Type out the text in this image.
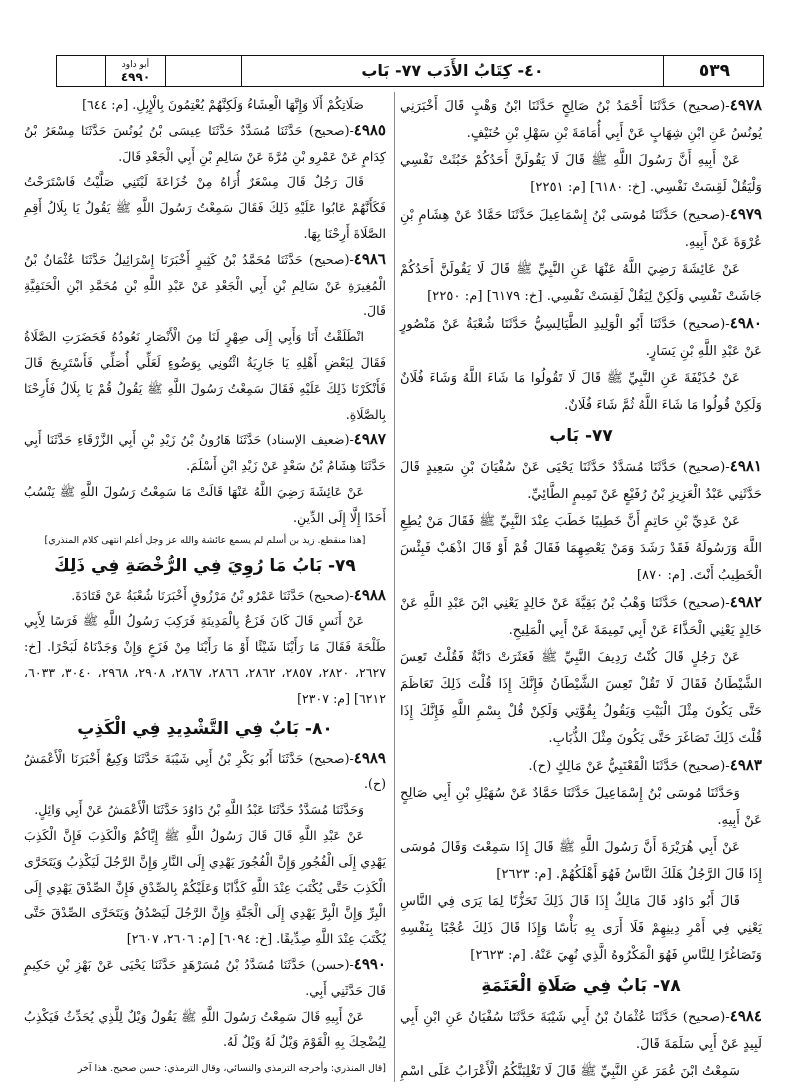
أبو داود
٤٩٩٠	٤٠- كِتَابُ الأَدَب ٧٧- بَاب	٥٣٩

٤٩٧٨-(صحيح) حَدَّثَنَا أَحْمَدُ بْنُ صَالِحٍ حَدَّثَنَا ابْنُ وَهْبٍ قَالَ أَخْبَرَنِي يُونُسُ عَنِ ابْنِ شِهَابٍ عَنْ أَبِي أُمَامَةَ بْنِ سَهْلِ بْنِ حُنَيْفٍ.

عَنْ أَبِيهِ أَنَّ رَسُولَ اللَّهِ ﷺ قَالَ لَا يَقُولَنَّ أَحَدُكُمْ خَبُثَتْ نَفْسِي وَلْيَقُلْ لَقِسَتْ نَفْسِي. [خ: ٦١٨٠] [م: ٢٢٥١]

٤٩٧٩-(صحيح) حَدَّثَنَا مُوسَى بْنُ إِسْمَاعِيلَ حَدَّثَنَا حَمَّادٌ عَنْ هِشَامِ بْنِ عُرْوَةَ عَنْ أَبِيهِ.

عَنْ عَائِشَةَ رَضِيَ اللَّهُ عَنْهَا عَنِ النَّبِيِّ ﷺ قَالَ لَا يَقُولَنَّ أَحَدُكُمْ جَاشَتْ نَفْسِي وَلَكِنْ لِيَقُلْ لَقِسَتْ نَفْسِي. [خ: ٦١٧٩] [م: ٢٢٥٠]

٤٩٨٠-(صحيح) حَدَّثَنَا أَبُو الْوَلِيدِ الطَّيَالِسِيُّ حَدَّثَنَا شُعْبَةُ عَنْ مَنْصُورٍ عَنْ عَبْدِ اللَّهِ بْنِ يَسَارٍ.

عَنْ حُذَيْفَةَ عَنِ النَّبِيِّ ﷺ قَالَ لَا تَقُولُوا مَا شَاءَ اللَّهُ وَشَاءَ فُلَانٌ وَلَكِنْ قُولُوا مَا شَاءَ اللَّهُ ثُمَّ شَاءَ فُلَانٌ.

٧٧- بَاب

٤٩٨١-(صحيح) حَدَّثَنَا مُسَدَّدٌ حَدَّثَنَا يَحْيَى عَنْ سُفْيَانَ بْنِ سَعِيدٍ قَالَ حَدَّثَنِي عَبْدُ الْعَزِيزِ بْنُ رُفَيْعٍ عَنْ تَمِيمٍ الطَّائِيِّ.

عَنْ عَدِيِّ بْنِ حَاتِمٍ أَنَّ خَطِيبًا خَطَبَ عِنْدَ النَّبِيِّ ﷺ فَقَالَ مَنْ يُطِعِ اللَّهَ وَرَسُولَهُ فَقَدْ رَشَدَ وَمَنْ يَعْصِهِمَا فَقَالَ قُمْ أَوْ قَالَ اذْهَبْ فَبِئْسَ الْخَطِيبُ أَنْتَ. [م: ٨٧٠]

٤٩٨٢-(صحيح) حَدَّثَنَا وَهْبُ بْنُ بَقِيَّةَ عَنْ خَالِدٍ يَعْنِي ابْنَ عَبْدِ اللَّهِ عَنْ خَالِدٍ يَعْنِي الْحَذَّاءَ عَنْ أَبِي تَمِيمَةَ عَنْ أَبِي الْمَلِيحِ.

عَنْ رَجُلٍ قَالَ كُنْتُ رَدِيفَ النَّبِيِّ ﷺ فَعَثَرَتْ دَابَّةٌ فَقُلْتُ تَعِسَ الشَّيْطَانُ فَقَالَ لَا تَقُلْ تَعِسَ الشَّيْطَانُ فَإِنَّكَ إِذَا قُلْتَ ذَلِكَ تَعَاظَمَ حَتَّى يَكُونَ مِثْلَ الْبَيْتِ وَيَقُولُ بِقُوَّتِي وَلَكِنْ قُلْ بِسْمِ اللَّهِ فَإِنَّكَ إِذَا قُلْتَ ذَلِكَ تَصَاغَرَ حَتَّى يَكُونَ مِثْلَ الذُّبَابِ.

٤٩٨٣-(صحيح) حَدَّثَنَا الْقَعْنَبِيُّ عَنْ مَالِكٍ (ح).

وَحَدَّثَنَا مُوسَى بْنُ إِسْمَاعِيلَ حَدَّثَنَا حَمَّادٌ عَنْ سُهَيْلِ بْنِ أَبِي صَالِحٍ عَنْ أَبِيهِ.

عَنْ أَبِي هُرَيْرَةَ أَنَّ رَسُولَ اللَّهِ ﷺ قَالَ إِذَا سَمِعْتَ وَقَالَ مُوسَى إِذَا قَالَ الرَّجُلُ هَلَكَ النَّاسُ فَهُوَ أَهْلَكُهُمْ. [م: ٢٦٢٣]

قَالَ أَبُو دَاوُد قَالَ مَالِكٌ إِذَا قَالَ ذَلِكَ تَحَزُّنًا لِمَا يَرَى فِي النَّاسِ يَعْنِي فِي أَمْرِ دِينِهِمْ فَلَا أَرَى بِهِ بَأْسًا وَإِذَا قَالَ ذَلِكَ عُجْبًا بِنَفْسِهِ وَتَصَاغُرًا لِلنَّاسِ فَهُوَ الْمَكْرُوهُ الَّذِي نُهِيَ عَنْهُ. [م: ٢٦٢٣]

٧٨- بَابٌ فِي صَلَاةِ الْعَتَمَةِ

٤٩٨٤-(صحيح) حَدَّثَنَا عُثْمَانُ بْنُ أَبِي شَيْبَةَ حَدَّثَنَا سُفْيَانُ عَنِ ابْنِ أَبِي لَبِيدٍ عَنْ أَبِي سَلَمَةَ قَالَ.

سَمِعْتُ ابْنَ عُمَرَ عَنِ النَّبِيِّ ﷺ قَالَ لَا تَغْلِبَنَّكُمُ الْأَعْرَابُ عَلَى اسْمِ

صَلَاتِكُمْ أَلَا وَإِنَّهَا الْعِشَاءُ وَلَكِنَّهُمْ يُعْتِمُونَ بِالْإِبِلِ. [م: ٦٤٤]

٤٩٨٥-(صحيح) حَدَّثَنَا مُسَدَّدٌ حَدَّثَنَا عِيسَى بْنُ يُونُسَ حَدَّثَنَا مِسْعَرُ بْنُ كِدَامٍ عَنْ عَمْرِو بْنِ مُرَّةَ عَنْ سَالِمِ بْنِ أَبِي الْجَعْدِ قَالَ.

قَالَ رَجُلٌ قَالَ مِسْعَرٌ أُرَاهُ مِنْ خُزَاعَةَ لَيْتَنِي صَلَّيْتُ فَاسْتَرَحْتُ فَكَأَنَّهُمْ عَابُوا عَلَيْهِ ذَلِكَ فَقَالَ سَمِعْتُ رَسُولَ اللَّهِ ﷺ يَقُولُ يَا بِلَالُ أَقِمِ الصَّلَاةَ أَرِحْنَا بِهَا.

٤٩٨٦-(صحيح) حَدَّثَنَا مُحَمَّدُ بْنُ كَثِيرٍ أَخْبَرَنَا إِسْرَائِيلُ حَدَّثَنَا عُثْمَانُ بْنُ الْمُغِيرَةِ عَنْ سَالِمِ بْنِ أَبِي الْجَعْدِ عَنْ عَبْدِ اللَّهِ بْنِ مُحَمَّدِ ابْنِ الْحَنَفِيَّةِ قَالَ.

انْطَلَقْتُ أَنَا وَأَبِي إِلَى صِهْرٍ لَنَا مِنَ الْأَنْصَارِ نَعُودُهُ فَحَضَرَتِ الصَّلَاةُ فَقَالَ لِبَعْضِ أَهْلِهِ يَا جَارِيَةُ ائْتُونِي بِوَضُوءٍ لَعَلِّي أُصَلِّي فَأَسْتَرِيحَ قَالَ فَأَنْكَرْنَا ذَلِكَ عَلَيْهِ فَقَالَ سَمِعْتُ رَسُولَ اللَّهِ ﷺ يَقُولُ قُمْ يَا بِلَالُ فَأَرِحْنَا بِالصَّلَاةِ.

٤٩٨٧-(ضعيف الإسناد) حَدَّثَنَا هَارُونُ بْنُ زَيْدِ بْنِ أَبِي الزَّرْقَاءِ حَدَّثَنَا أَبِي حَدَّثَنَا هِشَامُ بْنُ سَعْدٍ عَنْ زَيْدِ ابْنِ أَسْلَمَ.

عَنْ عَائِشَةَ رَضِيَ اللَّهُ عَنْهَا قَالَتْ مَا سَمِعْتُ رَسُولَ اللَّهِ ﷺ يَنْسُبُ أَحَدًا إِلَّا إِلَى الدِّينِ.

[هذا منقطع. زيد بن أسلم لم يسمع عائشة والله عز وجل أعلم انتهى كلام المنذري]
٧٩- بَابُ مَا رُوِيَ فِي الرُّخْصَةِ فِي ذَلِكَ

٤٩٨٨-(صحيح) حَدَّثَنَا عَمْرُو بْنُ مَرْزُوقٍ أَخْبَرَنَا شُعْبَةُ عَنْ قَتَادَةَ.

عَنْ أَنَسٍ قَالَ كَانَ فَزَعٌ بِالْمَدِينَةِ فَرَكِبَ رَسُولُ اللَّهِ ﷺ فَرَسًا لِأَبِي طَلْحَةَ فَقَالَ مَا رَأَيْنَا شَيْئًا أَوْ مَا رَأَيْنَا مِنْ فَزَعٍ وَإِنْ وَجَدْنَاهُ لَبَحْرًا. [خ: ٢٦٢٧، ٢٨٢٠، ٢٨٥٧، ٢٨٦٢، ٢٨٦٦، ٢٨٦٧، ٢٩٠٨، ٢٩٦٨، ٣٠٤٠، ٦٠٣٣، ٦٢١٢] [م: ٢٣٠٧]

٨٠- بَابٌ فِي التَّشْدِيدِ فِي الْكَذِبِ

٤٩٨٩-(صحيح) حَدَّثَنَا أَبُو بَكْرِ بْنُ أَبِي شَيْبَةَ حَدَّثَنَا وَكِيعٌ أَخْبَرَنَا الْأَعْمَشُ (ح).

وَحَدَّثَنَا مُسَدَّدٌ حَدَّثَنَا عَبْدُ اللَّهِ بْنُ دَاوُدَ حَدَّثَنَا الْأَعْمَشُ عَنْ أَبِي وَائِلٍ.

عَنْ عَبْدِ اللَّهِ قَالَ قَالَ رَسُولُ اللَّهِ ﷺ إِيَّاكُمْ وَالْكَذِبَ فَإِنَّ الْكَذِبَ يَهْدِي إِلَى الْفُجُورِ وَإِنَّ الْفُجُورَ يَهْدِي إِلَى النَّارِ وَإِنَّ الرَّجُلَ لَيَكْذِبُ وَيَتَحَرَّى الْكَذِبَ حَتَّى يُكْتَبَ عِنْدَ اللَّهِ كَذَّابًا وَعَلَيْكُمْ بِالصِّدْقِ فَإِنَّ الصِّدْقَ يَهْدِي إِلَى الْبِرِّ وَإِنَّ الْبِرَّ يَهْدِي إِلَى الْجَنَّةِ وَإِنَّ الرَّجُلَ لَيَصْدُقُ وَيَتَحَرَّى الصِّدْقَ حَتَّى يُكْتَبَ عِنْدَ اللَّهِ صِدِّيقًا. [خ: ٦٠٩٤] [م: ٢٦٠٦، ٢٦٠٧]

٤٩٩٠-(حسن) حَدَّثَنَا مُسَدَّدُ بْنُ مُسَرْهَدٍ حَدَّثَنَا يَحْيَى عَنْ بَهْزِ بْنِ حَكِيمٍ قَالَ حَدَّثَنِي أَبِي.

عَنْ أَبِيهِ قَالَ سَمِعْتُ رَسُولَ اللَّهِ ﷺ يَقُولُ وَيْلٌ لِلَّذِي يُحَدِّثُ فَيَكْذِبُ لِيُضْحِكَ بِهِ الْقَوْمَ وَيْلٌ لَهُ وَيْلٌ لَهُ.

[قال المنذري: وأخرجه الترمذي والنسائي، وقال الترمذي: حسن صحيح. هذا آخر
